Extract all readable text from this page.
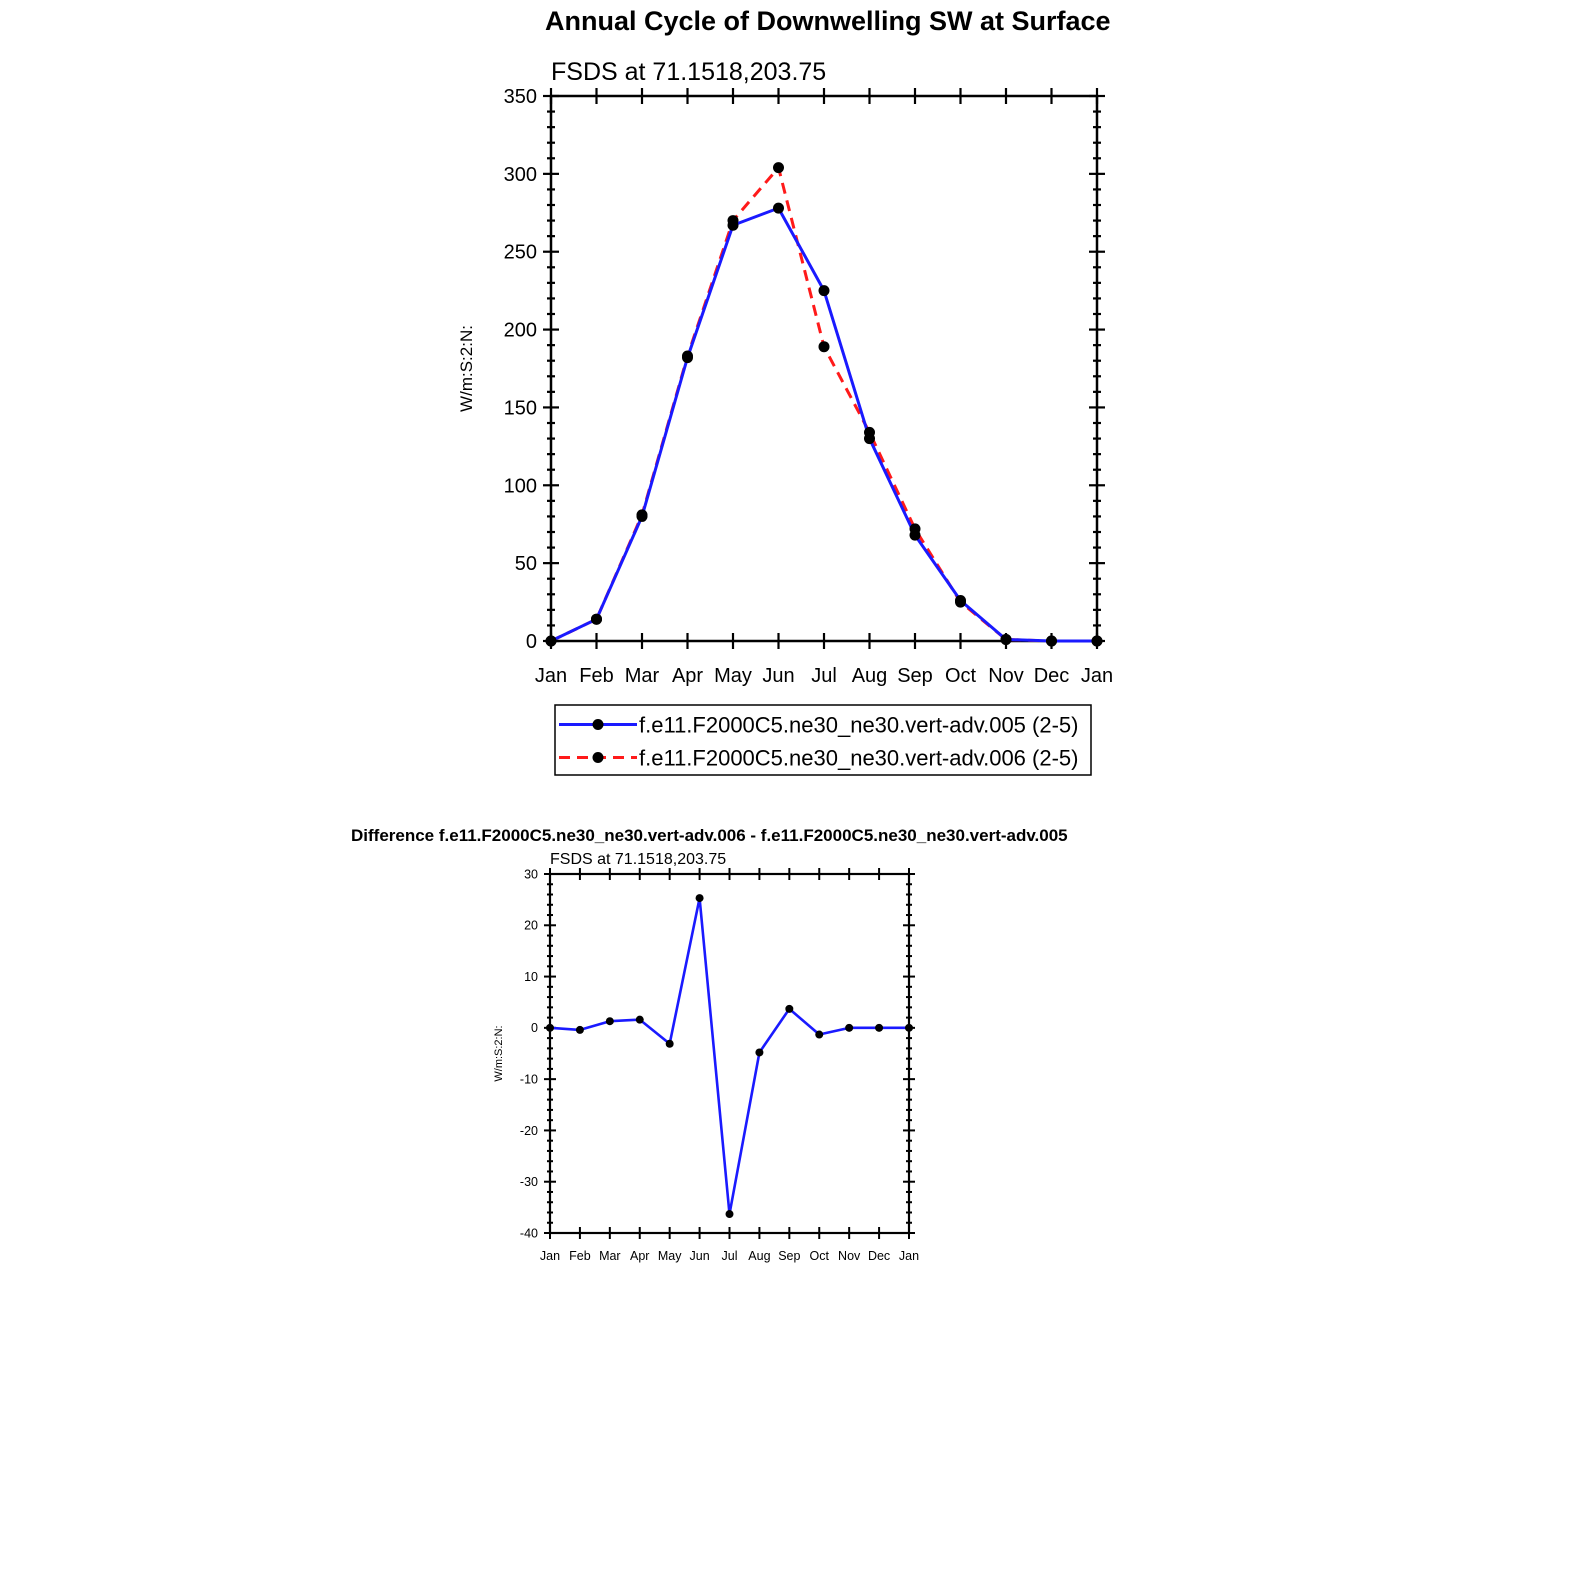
Annual Cycle of Downwelling SW at Surface
Difference f.e11.F2000C5.ne30_ne30.vert-adv.006 - f.e11.F2000C5.ne30_ne30.vert-adv.005
FSDS at 71.1518,203.75
0
50
100
150
200
250
300
350
Jan Feb Mar Apr May Jun Jul Aug Sep Oct Nov Dec Jan
W/m:S:2:N:
f.e11.F2000C5.ne30_ne30.vert-adv.005 (2-5)
f.e11.F2000C5.ne30_ne30.vert-adv.006 (2-5)
FSDS at 71.1518,203.75
-40
-30
-20
-10
0
10
20
30
Jan Feb Mar Apr May Jun Jul Aug Sep Oct Nov Dec Jan
W/m:S:2:N:
